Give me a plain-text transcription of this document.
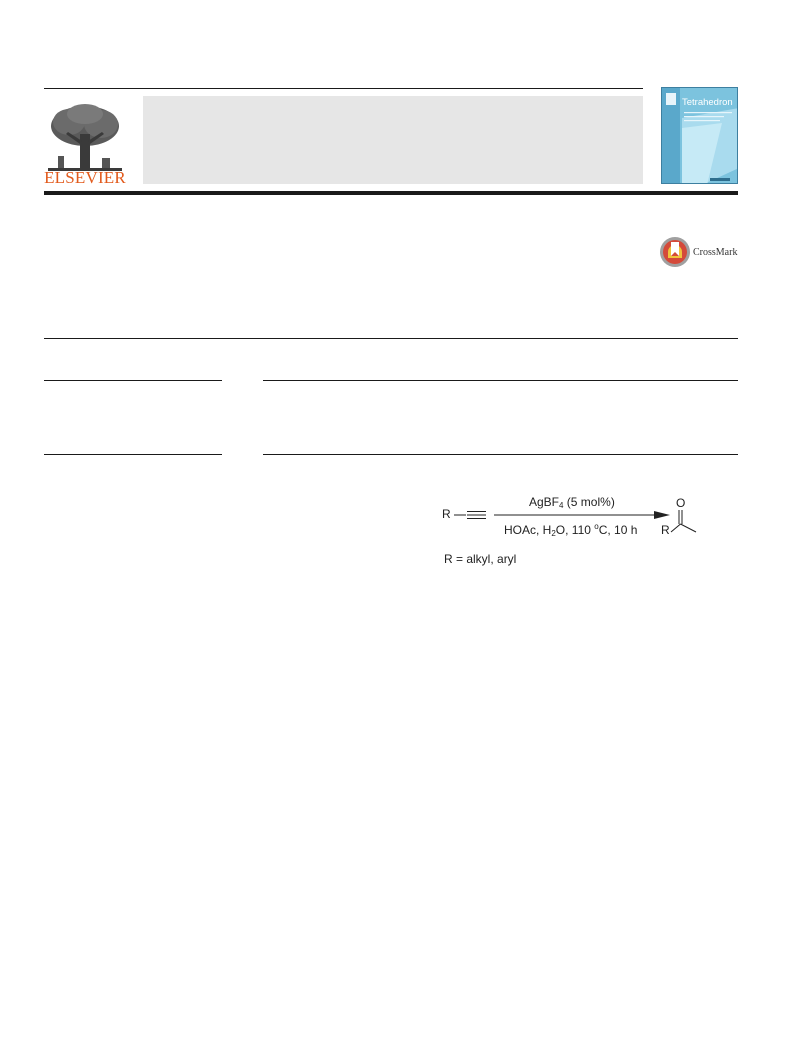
ELSEVIER
Tetrahedron
CrossMark
R
AgBF$_4$ (5 mol%)
HOAc, $H_2O$, 110 $^o$C, 10 h
O
R
R = alkyl, aryl
